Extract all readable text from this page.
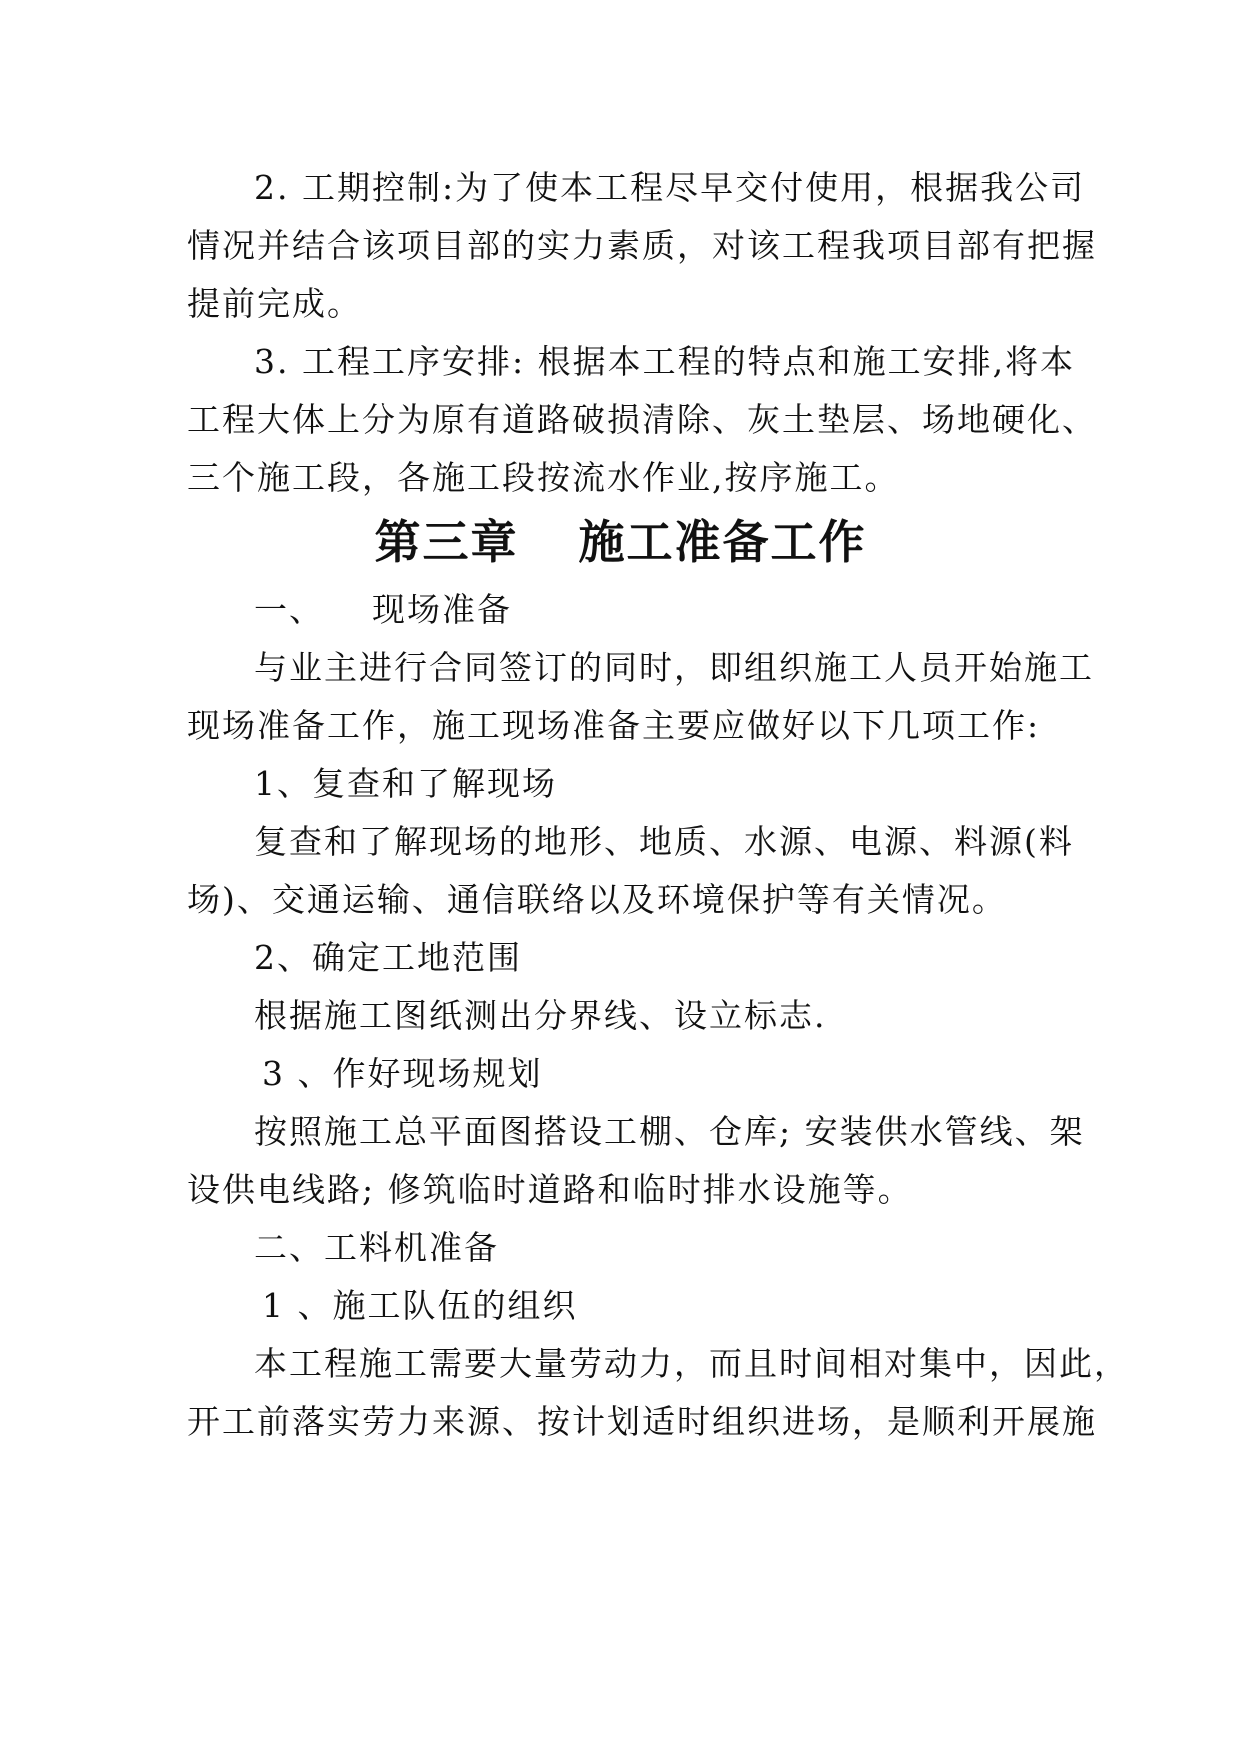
2. 工期控制:为了使本工程尽早交付使用，根据我公司
情况并结合该项目部的实力素质，对该工程我项目部有把握
提前完成。
3. 工程工序安排: 根据本工程的特点和施工安排,将本
工程大体上分为原有道路破损清除、灰土垫层、场地硬化、
三个施工段，各施工段按流水作业,按序施工。
第三章 施工准备工作
一、 现场准备
与业主进行合同签订的同时，即组织施工人员开始施工
现场准备工作，施工现场准备主要应做好以下几项工作:
1、复查和了解现场
复查和了解现场的地形、地质、水源、电源、料源(料
场)、交通运输、通信联络以及环境保护等有关情况。
2、确定工地范围
根据施工图纸测出分界线、设立标志.
3 、作好现场规划
按照施工总平面图搭设工棚、仓库; 安装供水管线、架
设供电线路; 修筑临时道路和临时排水设施等。
二、工料机准备
1 、施工队伍的组织
本工程施工需要大量劳动力，而且时间相对集中，因此，
开工前落实劳力来源、按计划适时组织进场，是顺利开展施
